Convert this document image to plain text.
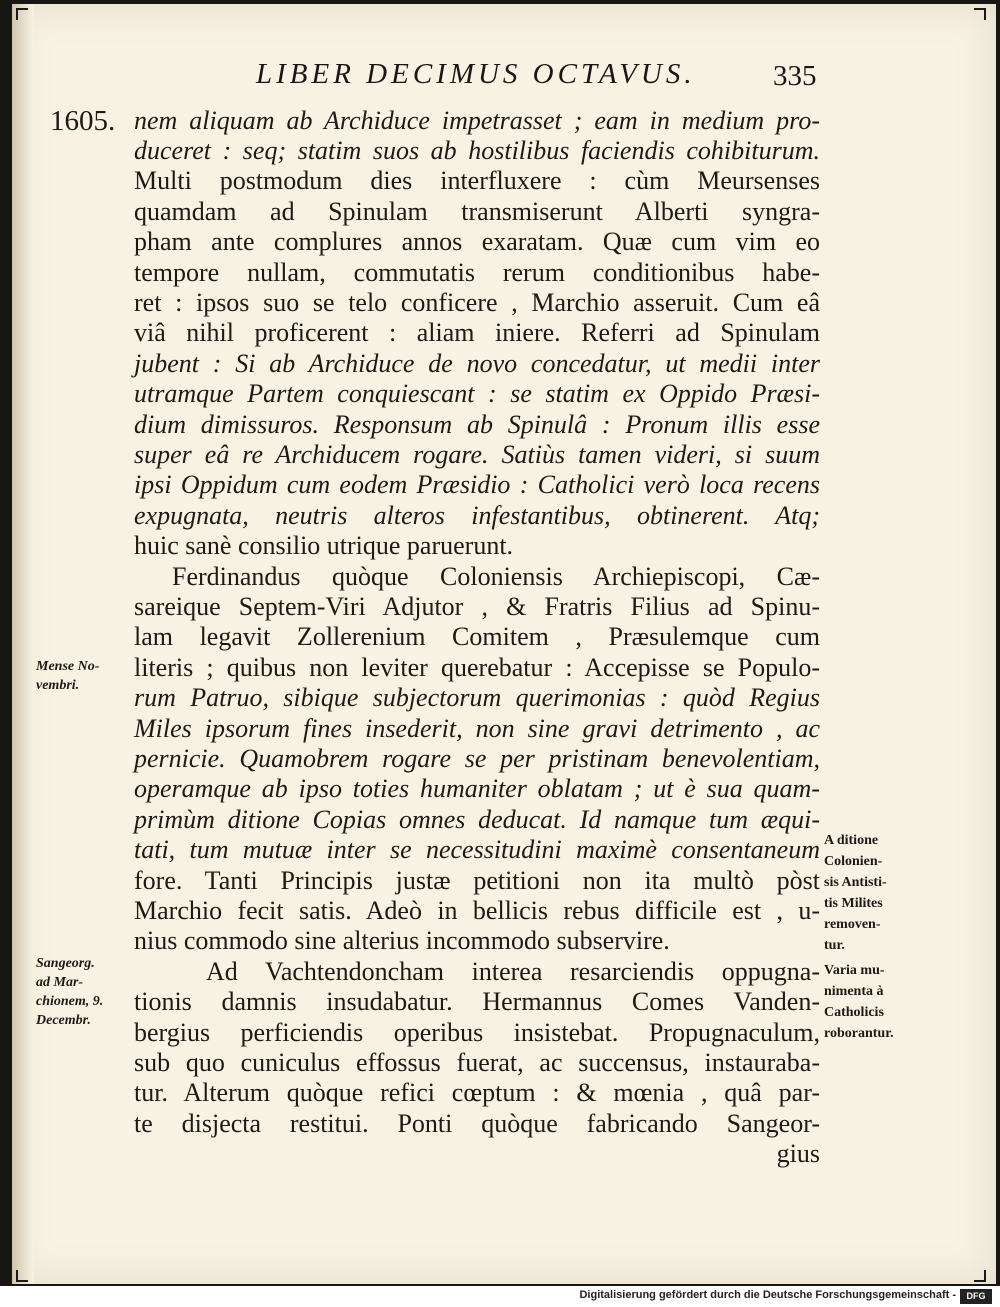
LIBER DECIMUS OCTAVUS.	335
1605. nem aliquam ab Archiduce impetrasset ; eam in medium pro-
duceret : seq; statim suos ab hostilibus faciendis cohibiturum.
Multi postmodum dies interfluxere : cùm Meursenses
quamdam ad Spinulam transmiserunt Alberti syngra-
pham ante complures annos exaratam. Quæ cum vim eo
tempore nullam, commutatis rerum conditionibus habe-
ret : ipsos suo se telo conficere , Marchio asseruit. Cum eâ
viâ nihil proficerent : aliam iniere. Referri ad Spinulam
jubent : Si ab Archiduce de novo concedatur, ut medii inter
utramque Partem conquiescant : se statim ex Oppido Præsi-
dium dimissuros. Responsum ab Spinulâ : Pronum illis esse
super eâ re Archiducem rogare. Satiùs tamen videri, si suum
ipsi Oppidum cum eodem Præsidio : Catholici verò loca recens
expugnata, neutris alteros infestantibus, obtinerent. Atq;
huic sanè consilio utrique paruerunt.
Ferdinandus quòque Coloniensis Archiepiscopi, Cæ-
sareique Septem-Viri Adjutor , & Fratris Filius ad Spinu-
lam legavit Zollerenium Comitem , Præsulemque cum
literis ; quibus non leviter querebatur : Accepisse se Populo-
rum Patruo, sibique subjectorum querimonias : quòd Regius
Miles ipsorum fines insederit, non sine gravi detrimento , ac
pernicie. Quamobrem rogare se per pristinam benevolentiam,
operamque ab ipso toties humaniter oblatam ; ut è sua quam-
primùm ditione Copias omnes deducat. Id namque tum æqui-
tati, tum mutuæ inter se necessitudini maximè consentaneum
fore. Tanti Principis justæ petitioni non ita multò pòst
Marchio fecit satis. Adeò in bellicis rebus difficile est , u-
nius commodo sine alterius incommodo subservire.
Ad Vachtendoncham interea resarciendis oppugna-
tionis damnis insudabatur. Hermannus Comes Vanden-
bergius perficiendis operibus insistebat. Propugnaculum,
sub quo cuniculus effossus fuerat, ac succensus, instauraba-
tur. Alterum quòque refici cœptum : & mœnia , quâ par-
te disjecta restitui. Ponti quòque fabricando Sangeor-
gius
Mense No-
vembri.
Sangeorg.
ad Mar-
chionem, 9.
Decembr.
A ditione
Colonien-
sis Antisti-
tis Milites
removen-
tur.
Varia mu-
nimenta à
Catholicis
roborantur.
Digitalisierung gefördert durch die Deutsche Forschungsgemeinschaft -	DFG
